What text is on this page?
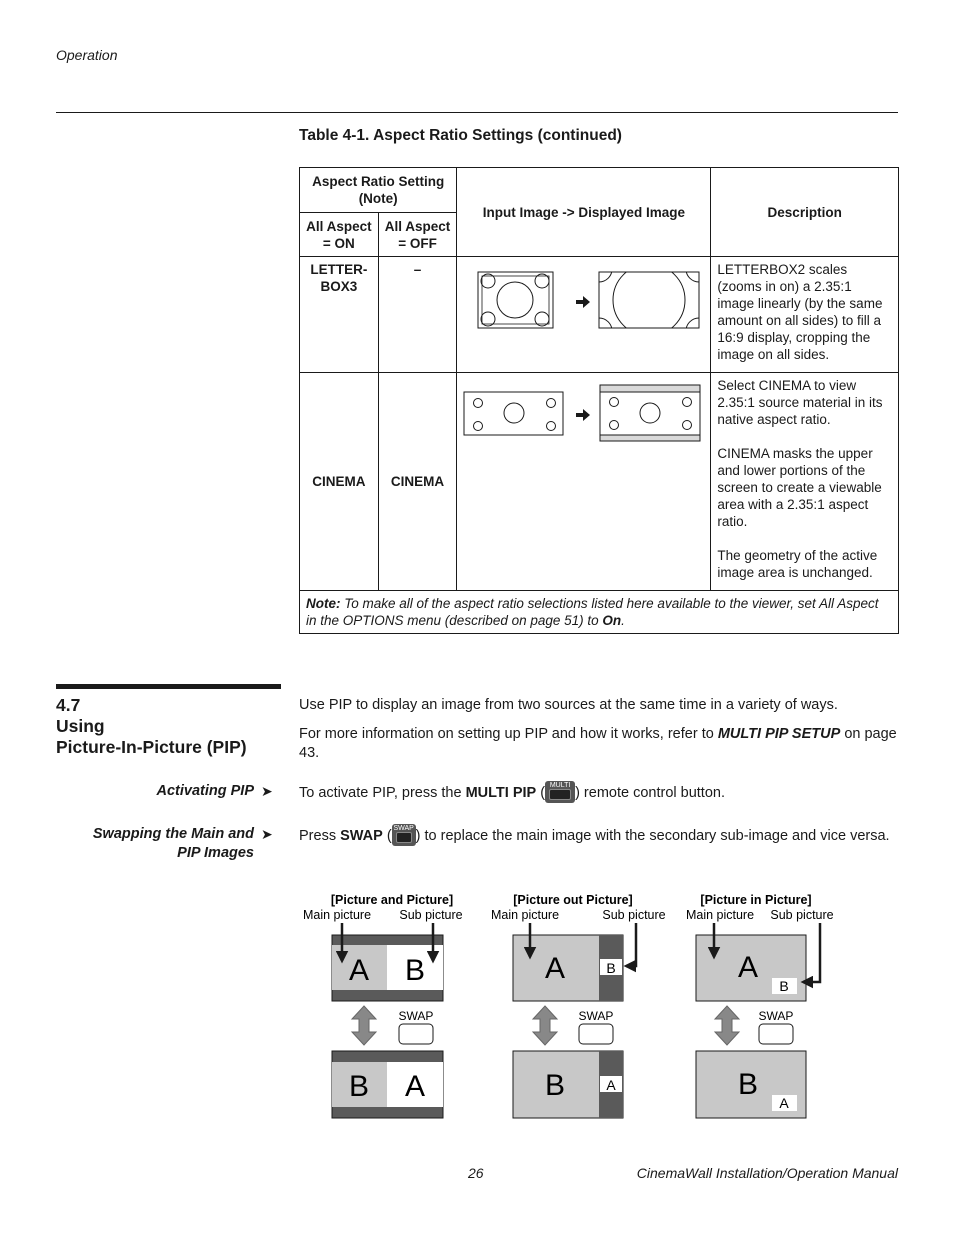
Operation
Table 4-1. Aspect Ratio Settings (continued)
Aspect Ratio Setting (Note)		Input Image -> Displayed Image	Description
All Aspect = ON	All Aspect = OFF		
LETTER-BOX3	–		LETTERBOX2 scales (zooms in on) a 2.35:1 image linearly (by the same amount on all sides) to fill a 16:9 display, cropping the image on all sides.
CINEMA	CINEMA		Select CINEMA to view 2.35:1 source material in its native aspect ratio.
CINEMA masks the upper and lower portions of the screen to create a viewable area with a 2.35:1 aspect ratio.
The geometry of the active image area is unchanged.

Note: To make all of the aspect ratio selections listed here available to the viewer, set All Aspect in the OPTIONS menu (described on page 51) to On.			
4.7
Using
Picture-In-Picture (PIP)
Use PIP to display an image from two sources at the same time in a variety of ways.
For more information on setting up PIP and how it works, refer to MULTI PIP SETUP on page 43.
Activating PIP ➤ To activate PIP, press the MULTI PIP ( MULTI ) remote control button.
Swapping the Main and
PIP Images
➤ Press SWAP ( SWAP ) to replace the main image with the secondary sub-image and vice versa.
[Picture and Picture]
Main picture Sub picture
A B
SWAP
B A
[Picture out Picture]
Main picture	Sub picture
A	B
SWAP
B	A
[Picture in Picture]
Main picture Sub picture
A
B
SWAP
B
A
26	CinemaWall Installation/Operation Manual
